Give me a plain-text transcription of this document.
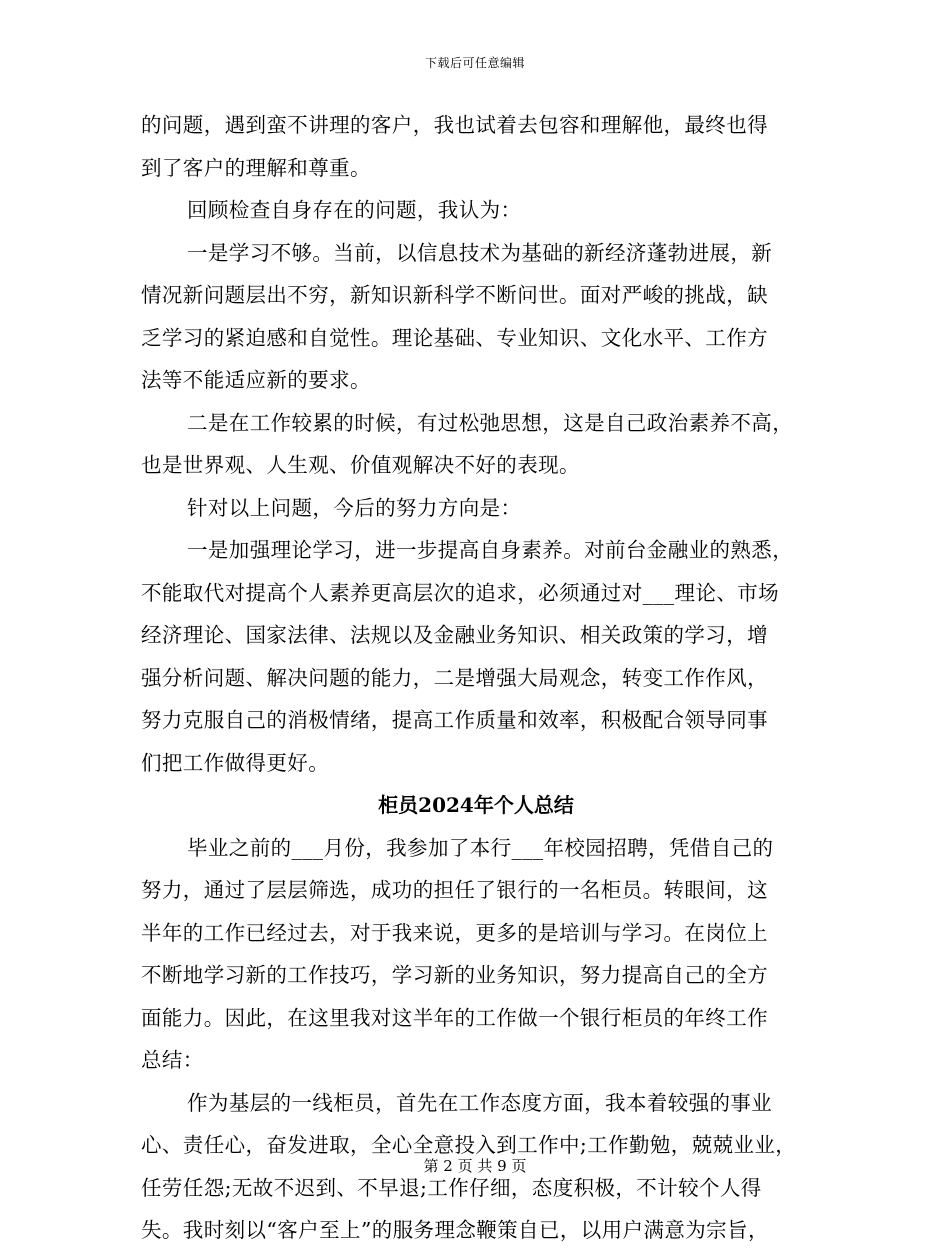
下载后可任意编辑
的问题，遇到蛮不讲理的客户，我也试着去包容和理解他，最终也得
到了客户的理解和尊重。
回顾检查自身存在的问题，我认为：
一是学习不够。当前，以信息技术为基础的新经济蓬勃进展，新
情况新问题层出不穷，新知识新科学不断问世。面对严峻的挑战，缺
乏学习的紧迫感和自觉性。理论基础、专业知识、文化水平、工作方
法等不能适应新的要求。
二是在工作较累的时候，有过松弛思想，这是自己政治素养不高，
也是世界观、人生观、价值观解决不好的表现。
针对以上问题，今后的努力方向是：
一是加强理论学习，进一步提高自身素养。对前台金融业的熟悉，
不能取代对提高个人素养更高层次的追求，必须通过对___理论、市场
经济理论、国家法律、法规以及金融业务知识、相关政策的学习，增
强分析问题、解决问题的能力，二是增强大局观念，转变工作作风，
努力克服自己的消极情绪，提高工作质量和效率，积极配合领导同事
们把工作做得更好。
柜员2024年个人总结
毕业之前的___月份，我参加了本行___年校园招聘，凭借自己的
努力，通过了层层筛选，成功的担任了银行的一名柜员。转眼间，这
半年的工作已经过去，对于我来说，更多的是培训与学习。在岗位上
不断地学习新的工作技巧，学习新的业务知识，努力提高自己的全方
面能力。因此，在这里我对这半年的工作做一个银行柜员的年终工作
总结：
作为基层的一线柜员，首先在工作态度方面，我本着较强的事业
心、责任心，奋发进取，全心全意投入到工作中;工作勤勉，兢兢业业，
任劳任怨;无故不迟到、不早退;工作仔细，态度积极，不计较个人得
失。我时刻以“客户至上”的服务理念鞭策自已，以用户满意为宗旨，
第 2 页 共 9 页
